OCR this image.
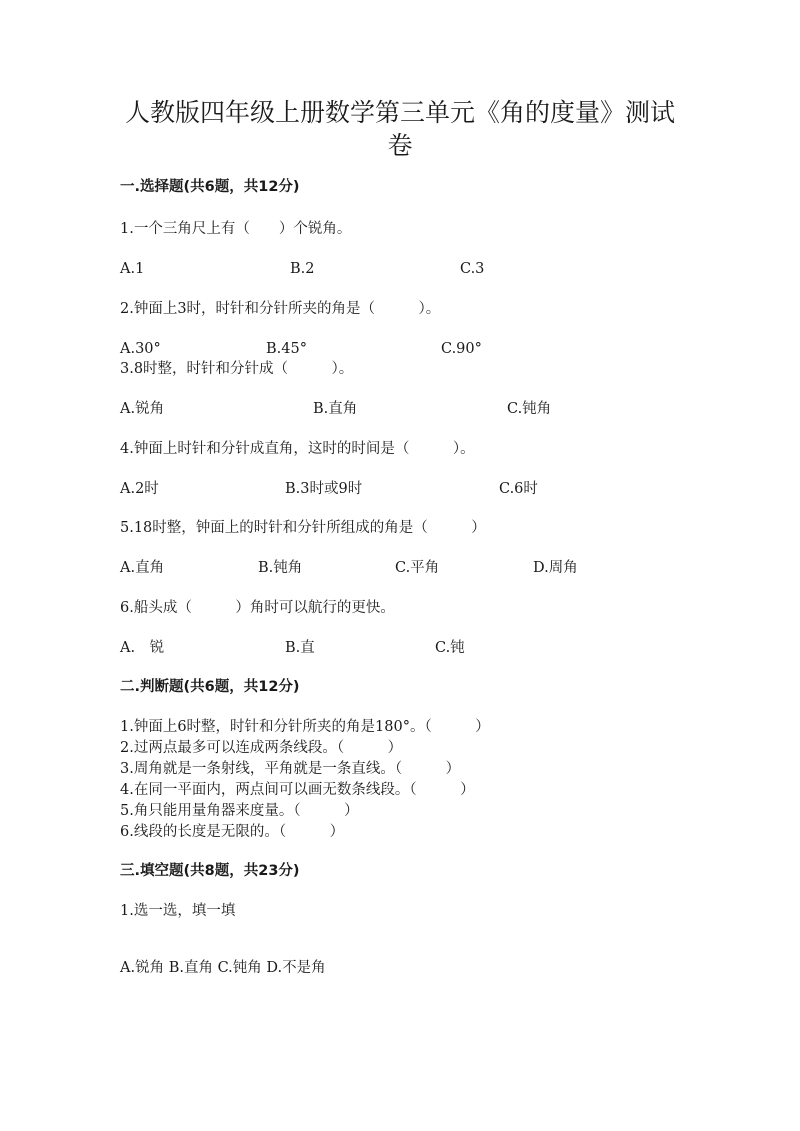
人教版四年级上册数学第三单元《角的度量》测试
卷
一.选择题(共6题，共12分)
1.一个三角尺上有（　　）个锐角。
A.1	B.2	C.3
2.钟面上3时，时针和分针所夹的角是（　　　）。
A.30°	B.45°	C.90°
3.8时整，时针和分针成（　　　）。
A.锐角	B.直角	C.钝角
4.钟面上时针和分针成直角，这时的时间是（　　　）。
A.2时	B.3时或9时	C.6时
5.18时整，钟面上的时针和分针所组成的角是（　　　）
A.直角	B.钝角	C.平角	D.周角
6.船头成（　　　）角时可以航行的更快。
A.　锐	B.直	C.钝
二.判断题(共6题，共12分)
1.钟面上6时整，时针和分针所夹的角是180°。（　　　）
2.过两点最多可以连成两条线段。（　　　）
3.周角就是一条射线，平角就是一条直线。（　　　）
4.在同一平面内，两点间可以画无数条线段。（　　　）
5.角只能用量角器来度量。（　　　）
6.线段的长度是无限的。（　　　）
三.填空题(共8题，共23分)
1.选一选，填一填
A.锐角 B.直角 C.钝角 D.不是角
